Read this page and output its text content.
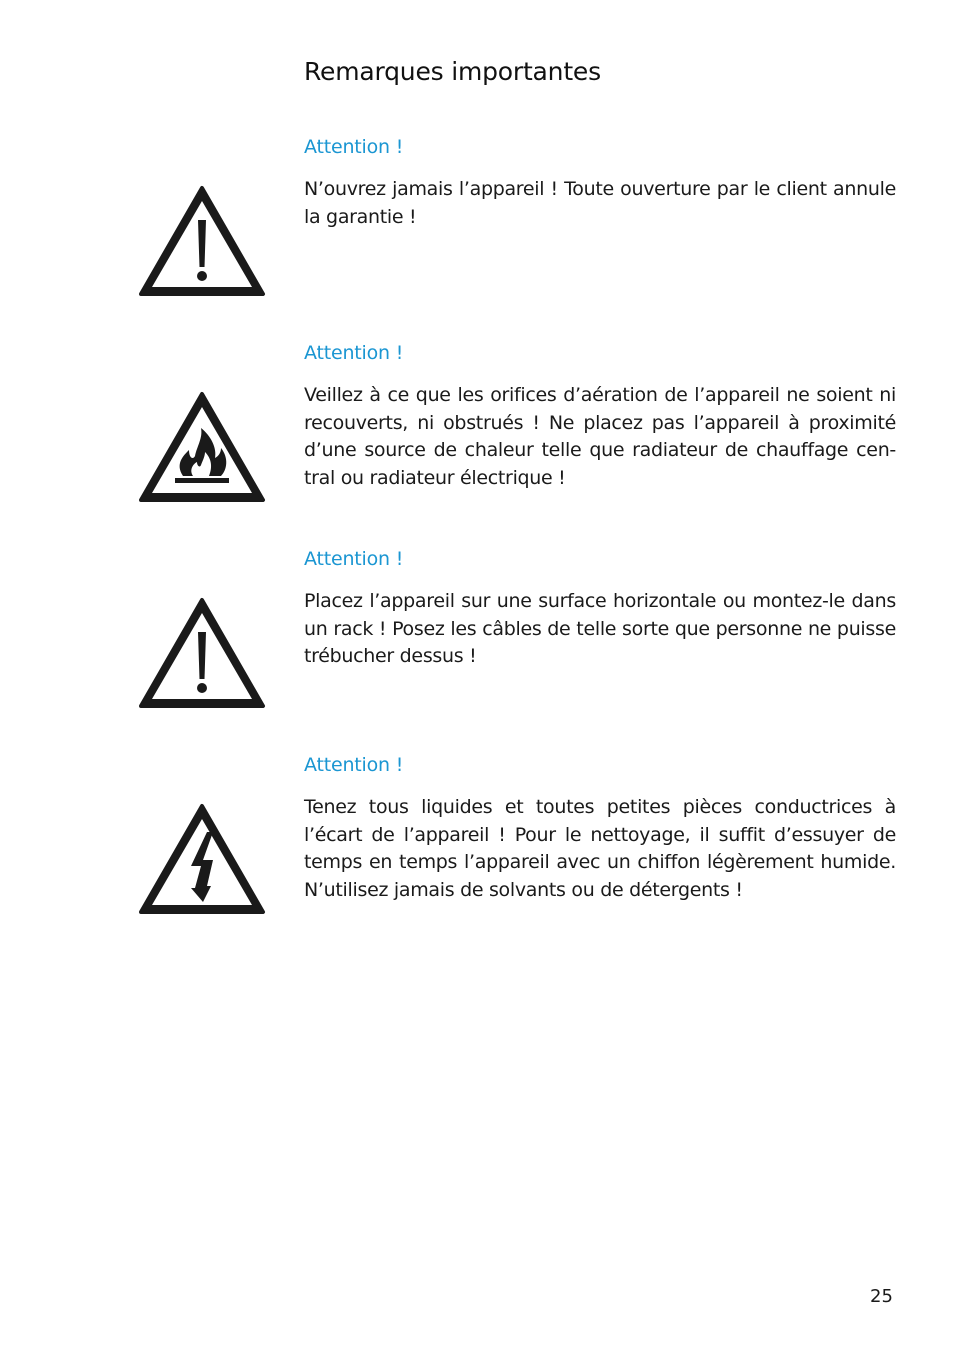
Remarques importantes
Attention !

N’ouvrez jamais l’appareil ! Toute ouverture par le client annule la garantie !

Attention !

Veillez à ce que les orifices d’aération de l’appareil ne soient ni recouverts, ni obstrués ! Ne placez pas l’appareil à proximité d’une source de chaleur telle que radiateur de chauffage cen-tral ou radiateur électrique !

Attention !

Placez l’appareil sur une surface horizontale ou montez-le dans un rack ! Posez les câbles de telle sorte que personne ne puisse trébucher dessus !

Attention !

Tenez tous liquides et toutes petites pièces conductrices à l’écart de l’appareil ! Pour le nettoyage, il suffit d’essuyer de temps en temps l’appareil avec un chiffon légèrement humide. N’utilisez jamais de solvants ou de détergents !

25
